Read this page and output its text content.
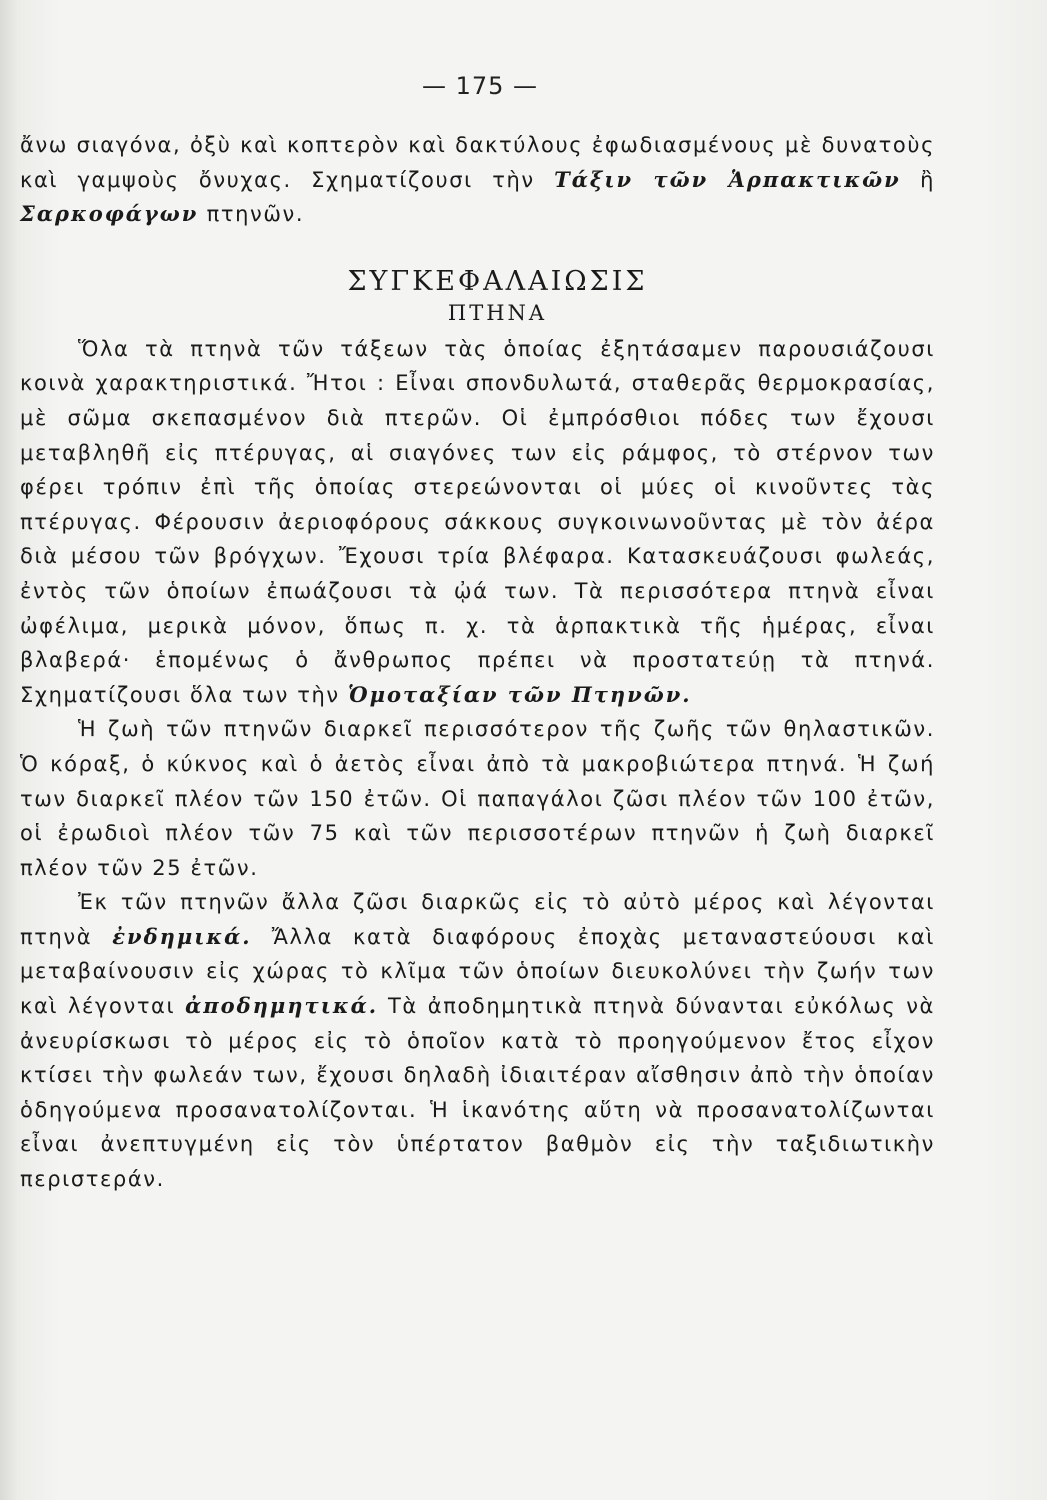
— 175 —

ἄνω σιαγόνα, ὀξὺ καὶ κοπτερὸν καὶ δακτύλους ἐφωδιασμένους μὲ δυνατοὺς καὶ γαμψοὺς ὄνυχας. Σχηματίζουσι τὴν Τάξιν τῶν Ἁρπακτικῶν ἢ Σαρκοφάγων πτηνῶν.

ΣΥΓΚΕΦΑΛΑΙΩΣΙΣ
ΠΤΗΝΑ

Ὅλα τὰ πτηνὰ τῶν τάξεων τὰς ὁποίας ἐξητάσαμεν παρουσιάζουσι κοινὰ χαρακτηριστικά. Ἤτοι : Εἶναι σπονδυλωτά, σταθερᾶς θερμοκρασίας, μὲ σῶμα σκεπασμένον διὰ πτερῶν. Οἱ ἐμπρόσθιοι πόδες των ἔχουσι μεταβληθῆ εἰς πτέρυγας, αἱ σιαγόνες των εἰς ράμφος, τὸ στέρνον των φέρει τρόπιν ἐπὶ τῆς ὁποίας στερεώνονται οἱ μύες οἱ κινοῦντες τὰς πτέρυγας. Φέρουσιν ἀεριοφόρους σάκκους συγκοινωνοῦντας μὲ τὸν ἀέρα διὰ μέσου τῶν βρόγχων. Ἔχουσι τρία βλέφαρα. Κατασκευάζουσι φωλεάς, ἐντὸς τῶν ὁποίων ἐπωάζουσι τὰ ᾠά των. Τὰ περισσότερα πτηνὰ εἶναι ὠφέλιμα, μερικὰ μόνον, ὅπως π. χ. τὰ ἁρπακτικὰ τῆς ἡμέρας, εἶναι βλαβερά· ἑπομένως ὁ ἄνθρωπος πρέπει νὰ προστατεύῃ τὰ πτηνά. Σχηματίζουσι ὅλα των τὴν Ὁμοταξίαν τῶν Πτηνῶν.

Ἡ ζωὴ τῶν πτηνῶν διαρκεῖ περισσότερον τῆς ζωῆς τῶν θηλαστικῶν. Ὁ κόραξ, ὁ κύκνος καὶ ὁ ἀετὸς εἶναι ἀπὸ τὰ μακροβιώτερα πτηνά. Ἡ ζωή των διαρκεῖ πλέον τῶν 150 ἐτῶν. Οἱ παπαγάλοι ζῶσι πλέον τῶν 100 ἐτῶν, οἱ ἐρωδιοὶ πλέον τῶν 75 καὶ τῶν περισσοτέρων πτηνῶν ἡ ζωὴ διαρκεῖ πλέον τῶν 25 ἐτῶν.

Ἐκ τῶν πτηνῶν ἄλλα ζῶσι διαρκῶς εἰς τὸ αὐτὸ μέρος καὶ λέγονται πτηνὰ ἐνδημικά. Ἄλλα κατὰ διαφόρους ἐποχὰς μεταναστεύουσι καὶ μεταβαίνουσιν εἰς χώρας τὸ κλῖμα τῶν ὁποίων διευκολύνει τὴν ζωήν των καὶ λέγονται ἀποδημητικά. Τὰ ἀποδημητικὰ πτηνὰ δύνανται εὐκόλως νὰ ἀνευρίσκωσι τὸ μέρος εἰς τὸ ὁποῖον κατὰ τὸ προηγούμενον ἔτος εἶχον κτίσει τὴν φωλεάν των, ἔχουσι δηλαδὴ ἰδιαιτέραν αἴσθησιν ἀπὸ τὴν ὁποίαν ὁδηγούμενα προσανατολίζονται. Ἡ ἱκανότης αὕτη νὰ προσανατολίζωνται εἶναι ἀνεπτυγμένη εἰς τὸν ὑπέρτατον βαθμὸν εἰς τὴν ταξιδιωτικὴν περιστεράν.
